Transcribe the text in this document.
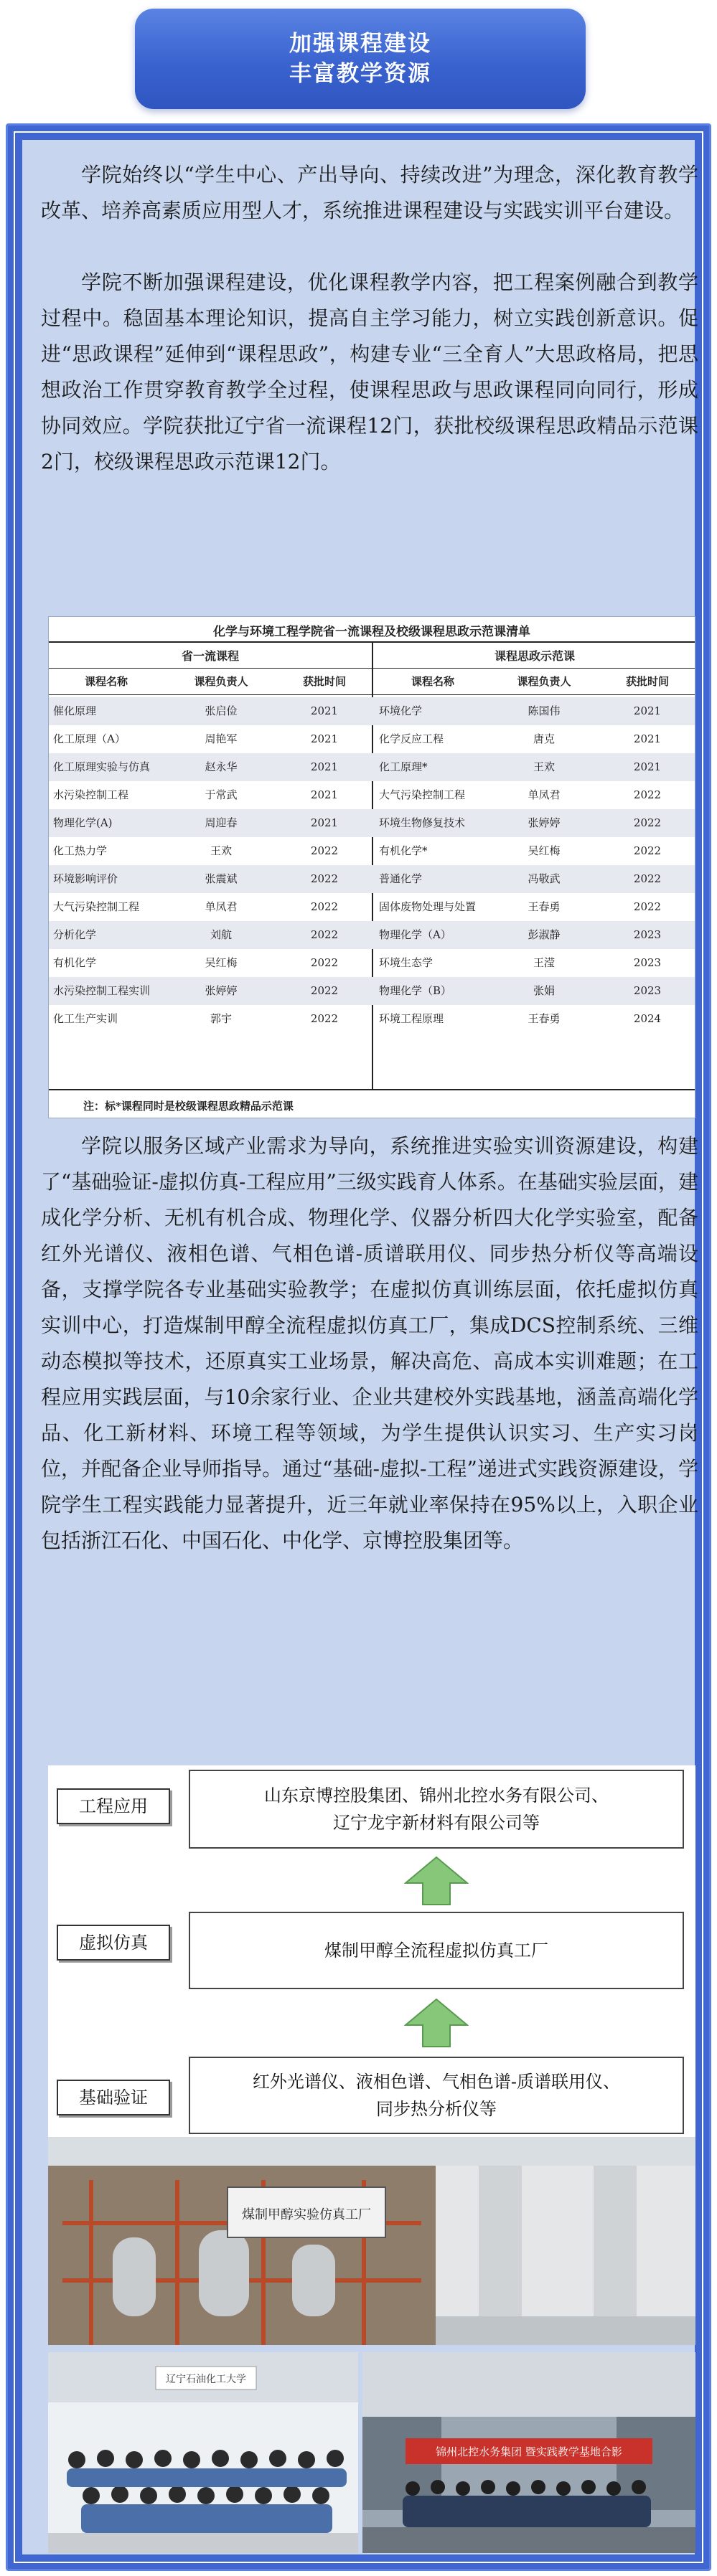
加强课程建设
丰富教学资源

学院始终以“学生中心、产出导向、持续改进”为理念，深化教育教学改革、培养高素质应用型人才，系统推进课程建设与实践实训平台建设。

学院不断加强课程建设，优化课程教学内容，把工程案例融合到教学过程中。稳固基本理论知识，提高自主学习能力，树立实践创新意识。促进“思政课程”延伸到“课程思政”，构建专业“三全育人”大思政格局，把思想政治工作贯穿教育教学全过程，使课程思政与思政课程同向同行，形成协同效应。学院获批辽宁省一流课程12门，获批校级课程思政精品示范课2门，校级课程思政示范课12门。

化学与环境工程学院省一流课程及校级课程思政示范课清单
省一流课程	课程思政示范课
课程名称	课程负责人	获批时间	课程名称	课程负责人	获批时间
催化原理	张启俭	2021	环境化学	陈国伟	2021
化工原理（A）	周艳军	2021	化学反应工程	唐克	2021
化工原理实验与仿真	赵永华	2021	化工原理*	王欢	2021
水污染控制工程	于常武	2021	大气污染控制工程	单凤君	2022
物理化学(A)	周迎春	2021	环境生物修复技术	张婷婷	2022
化工热力学	王欢	2022	有机化学*	吴红梅	2022
环境影响评价	张震斌	2022	普通化学	冯敬武	2022
大气污染控制工程	单凤君	2022	固体废物处理与处置	王春勇	2022
分析化学	刘航	2022	物理化学（A）	彭淑静	2023
有机化学	吴红梅	2022	环境生态学	王滢	2023
水污染控制工程实训	张婷婷	2022	物理化学（B）	张娟	2023
化工生产实训	郭宇	2022	环境工程原理	王春勇	2024
注：标*课程同时是校级课程思政精品示范课

学院以服务区域产业需求为导向，系统推进实验实训资源建设，构建了“基础验证-虚拟仿真-工程应用”三级实践育人体系。在基础实验层面，建成化学分析、无机有机合成、物理化学、仪器分析四大化学实验室，配备红外光谱仪、液相色谱、气相色谱-质谱联用仪、同步热分析仪等高端设备，支撑学院各专业基础实验教学；在虚拟仿真训练层面，依托虚拟仿真实训中心，打造煤制甲醇全流程虚拟仿真工厂，集成DCS控制系统、三维动态模拟等技术，还原真实工业场景，解决高危、高成本实训难题；在工程应用实践层面，与10余家行业、企业共建校外实践基地，涵盖高端化学品、化工新材料、环境工程等领域，为学生提供认识实习、生产实习岗位，并配备企业导师指导。通过“基础-虚拟-工程”递进式实践资源建设，学院学生工程实践能力显著提升，近三年就业率保持在95%以上，入职企业包括浙江石化、中国石化、中化学、京博控股集团等。

工程应用
山东京博控股集团、锦州北控水务有限公司、
辽宁龙宇新材料有限公司等
虚拟仿真	煤制甲醇全流程虚拟仿真工厂
基础验证
红外光谱仪、液相色谱、气相色谱-质谱联用仪、
同步热分析仪等
煤制甲醇实验仿真工厂
辽宁石油化工大学
锦州北控水务集团 暨实践教学基地合影
